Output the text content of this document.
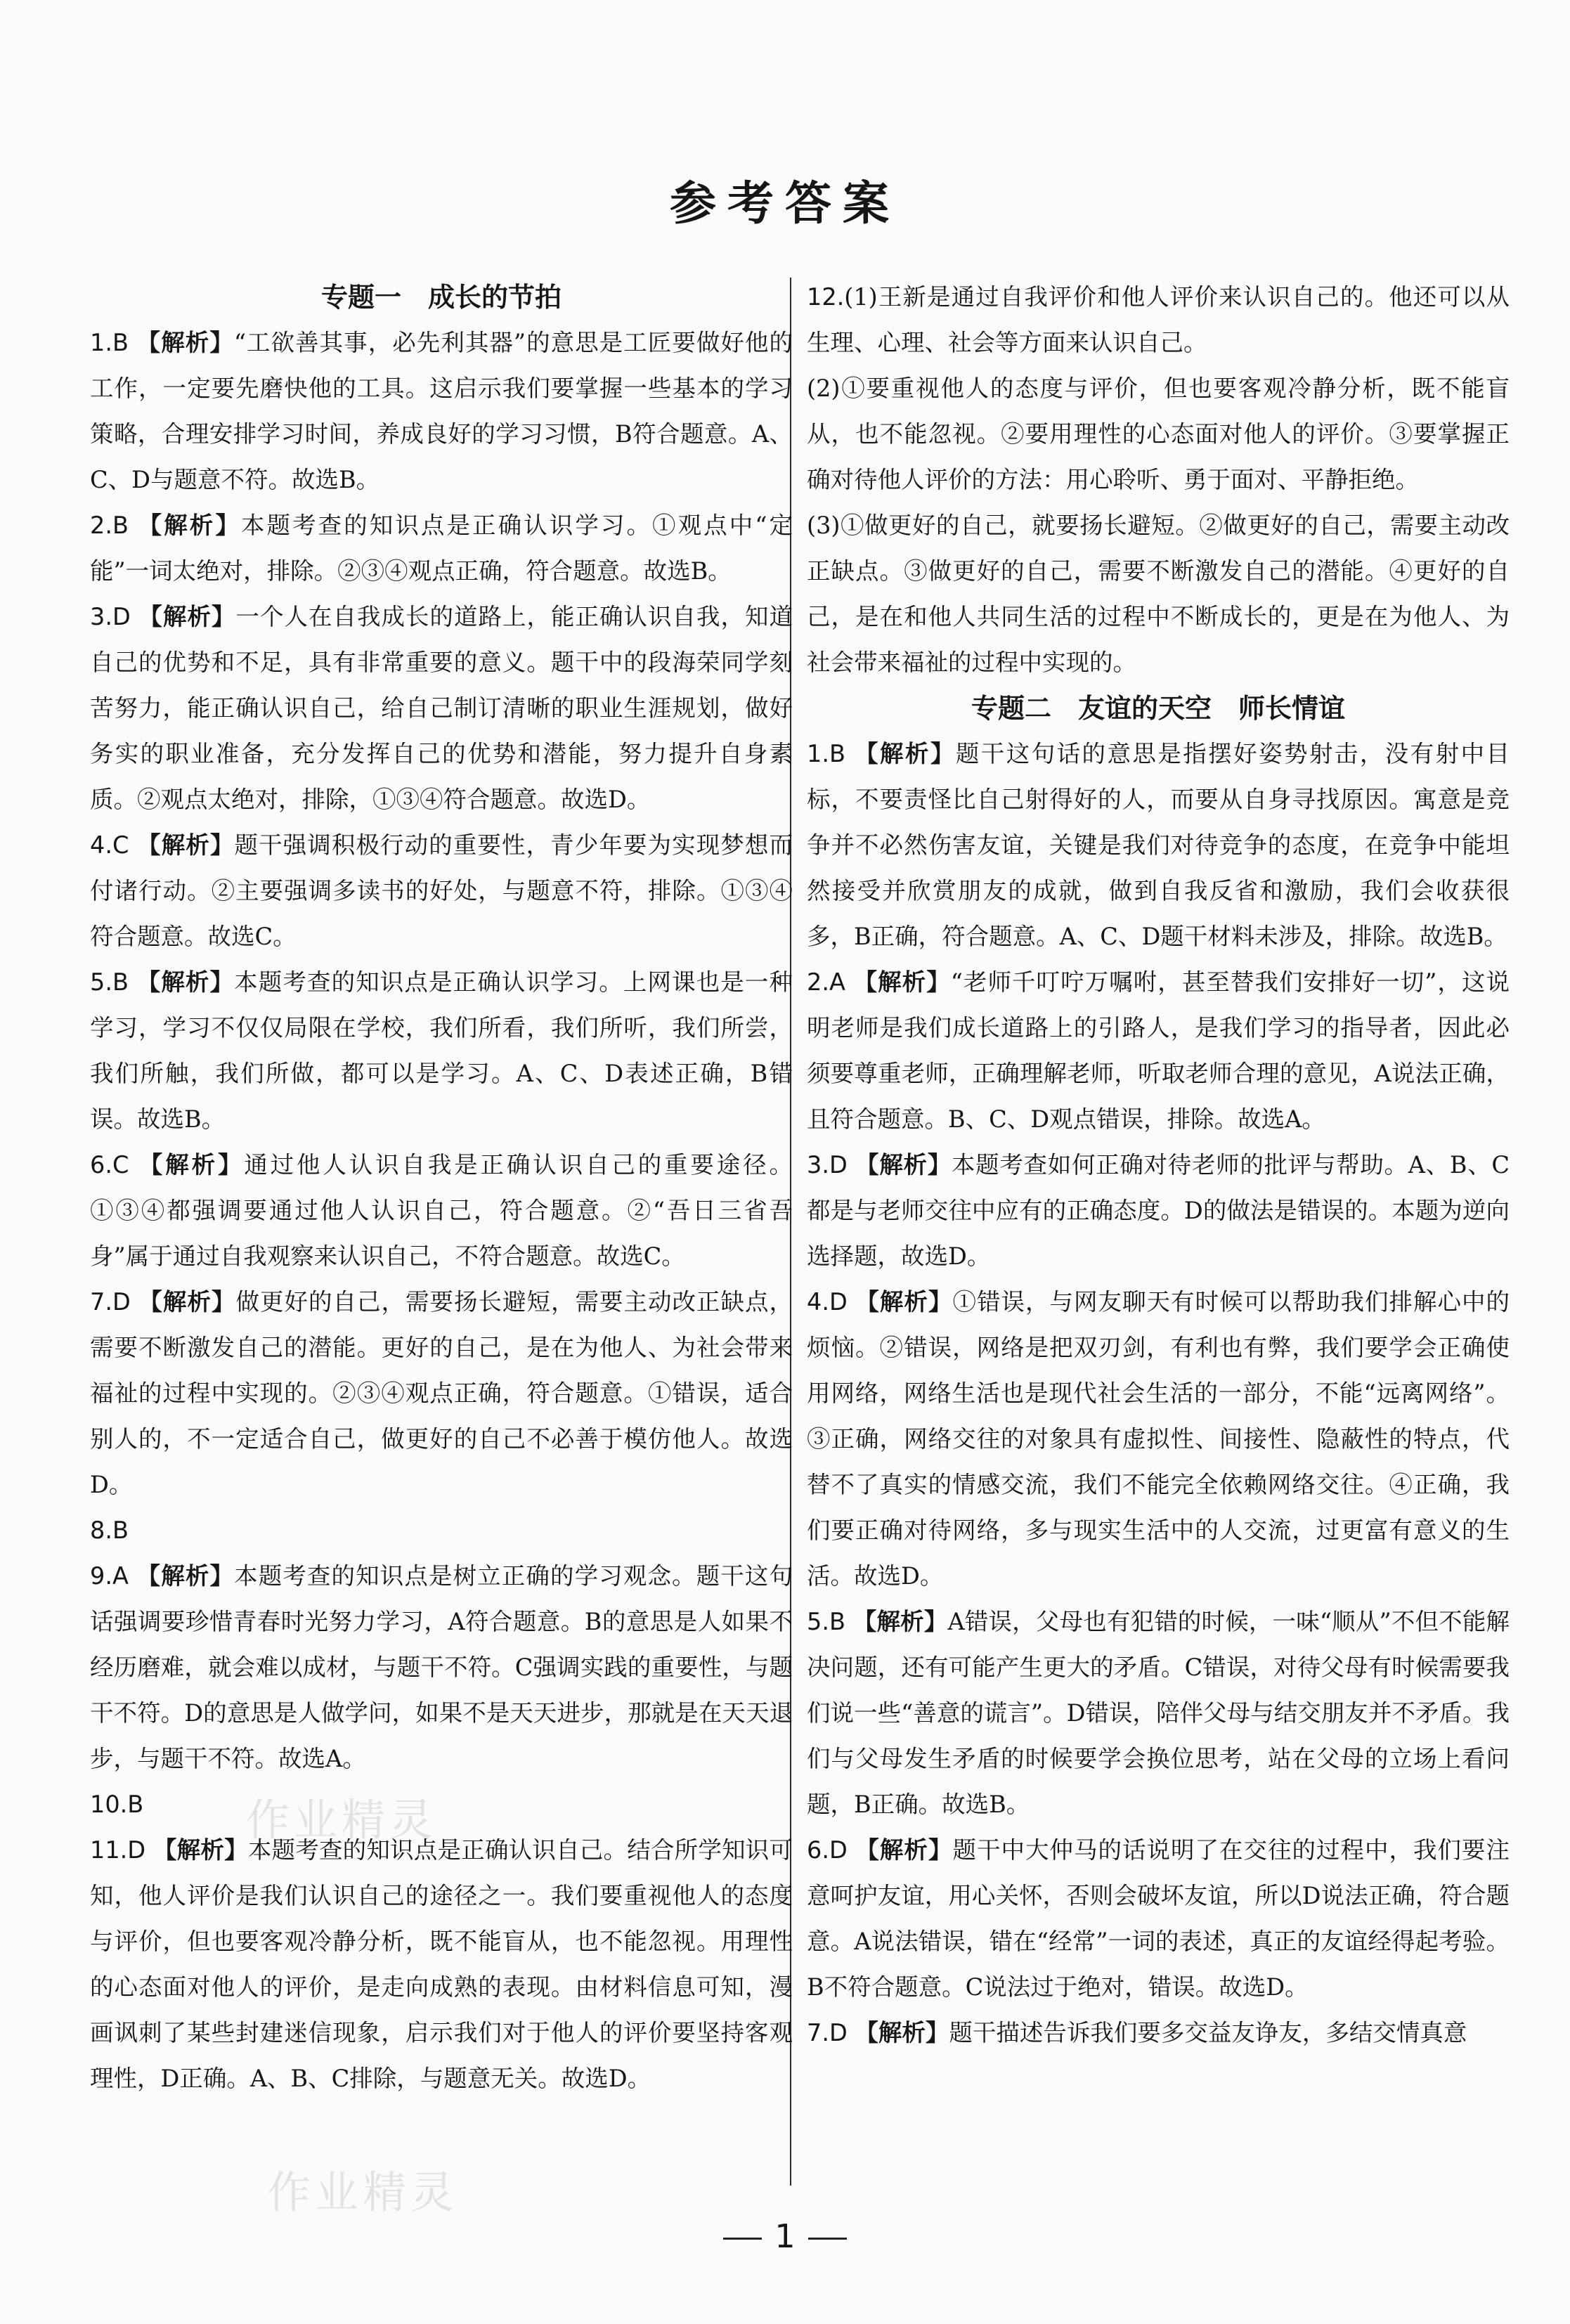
参考答案
专题一　成长的节拍

1.B 【解析】“工欲善其事，必先利其器”的意思是工匠要做好他的工作，一定要先磨快他的工具。这启示我们要掌握一些基本的学习策略，合理安排学习时间，养成良好的学习习惯，B符合题意。A、C、D与题意不符。故选B。

2.B 【解析】本题考查的知识点是正确认识学习。①观点中“定能”一词太绝对，排除。②③④观点正确，符合题意。故选B。

3.D 【解析】一个人在自我成长的道路上，能正确认识自我，知道自己的优势和不足，具有非常重要的意义。题干中的段海荣同学刻苦努力，能正确认识自己，给自己制订清晰的职业生涯规划，做好务实的职业准备，充分发挥自己的优势和潜能，努力提升自身素质。②观点太绝对，排除，①③④符合题意。故选D。

4.C 【解析】题干强调积极行动的重要性，青少年要为实现梦想而付诸行动。②主要强调多读书的好处，与题意不符，排除。①③④符合题意。故选C。

5.B 【解析】本题考查的知识点是正确认识学习。上网课也是一种学习，学习不仅仅局限在学校，我们所看，我们所听，我们所尝，我们所触，我们所做，都可以是学习。A、C、D表述正确，B错误。故选B。

6.C 【解析】通过他人认识自我是正确认识自己的重要途径。①③④都强调要通过他人认识自己，符合题意。②“吾日三省吾身”属于通过自我观察来认识自己，不符合题意。故选C。

7.D 【解析】做更好的自己，需要扬长避短，需要主动改正缺点，需要不断激发自己的潜能。更好的自己，是在为他人、为社会带来福祉的过程中实现的。②③④观点正确，符合题意。①错误，适合别人的，不一定适合自己，做更好的自己不必善于模仿他人。故选D。

8.B

9.A 【解析】本题考查的知识点是树立正确的学习观念。题干这句话强调要珍惜青春时光努力学习，A符合题意。B的意思是人如果不经历磨难，就会难以成材，与题干不符。C强调实践的重要性，与题干不符。D的意思是人做学问，如果不是天天进步，那就是在天天退步，与题干不符。故选A。

10.B

11.D 【解析】本题考查的知识点是正确认识自己。结合所学知识可知，他人评价是我们认识自己的途径之一。我们要重视他人的态度与评价，但也要客观冷静分析，既不能盲从，也不能忽视。用理性的心态面对他人的评价，是走向成熟的表现。由材料信息可知，漫画讽刺了某些封建迷信现象，启示我们对于他人的评价要坚持客观理性，D正确。A、B、C排除，与题意无关。故选D。

12.(1)王新是通过自我评价和他人评价来认识自己的。他还可以从生理、心理、社会等方面来认识自己。

(2)①要重视他人的态度与评价，但也要客观冷静分析，既不能盲从，也不能忽视。②要用理性的心态面对他人的评价。③要掌握正确对待他人评价的方法：用心聆听、勇于面对、平静拒绝。

(3)①做更好的自己，就要扬长避短。②做更好的自己，需要主动改正缺点。③做更好的自己，需要不断激发自己的潜能。④更好的自己，是在和他人共同生活的过程中不断成长的，更是在为他人、为社会带来福祉的过程中实现的。

专题二　友谊的天空　师长情谊

1.B 【解析】题干这句话的意思是指摆好姿势射击，没有射中目标，不要责怪比自己射得好的人，而要从自身寻找原因。寓意是竞争并不必然伤害友谊，关键是我们对待竞争的态度，在竞争中能坦然接受并欣赏朋友的成就，做到自我反省和激励，我们会收获很多，B正确，符合题意。A、C、D题干材料未涉及，排除。故选B。

2.A 【解析】“老师千叮咛万嘱咐，甚至替我们安排好一切”，这说明老师是我们成长道路上的引路人，是我们学习的指导者，因此必须要尊重老师，正确理解老师，听取老师合理的意见，A说法正确，且符合题意。B、C、D观点错误，排除。故选A。

3.D 【解析】本题考查如何正确对待老师的批评与帮助。A、B、C都是与老师交往中应有的正确态度。D的做法是错误的。本题为逆向选择题，故选D。

4.D 【解析】①错误，与网友聊天有时候可以帮助我们排解心中的烦恼。②错误，网络是把双刃剑，有利也有弊，我们要学会正确使用网络，网络生活也是现代社会生活的一部分，不能“远离网络”。③正确，网络交往的对象具有虚拟性、间接性、隐蔽性的特点，代替不了真实的情感交流，我们不能完全依赖网络交往。④正确，我们要正确对待网络，多与现实生活中的人交流，过更富有意义的生活。故选D。

5.B 【解析】A错误，父母也有犯错的时候，一味“顺从”不但不能解决问题，还有可能产生更大的矛盾。C错误，对待父母有时候需要我们说一些“善意的谎言”。D错误，陪伴父母与结交朋友并不矛盾。我们与父母发生矛盾的时候要学会换位思考，站在父母的立场上看问题，B正确。故选B。

6.D 【解析】题干中大仲马的话说明了在交往的过程中，我们要注意呵护友谊，用心关怀，否则会破坏友谊，所以D说法正确，符合题意。A说法错误，错在“经常”一词的表述，真正的友谊经得起考验。B不符合题意。C说法过于绝对，错误。故选D。

7.D 【解析】题干描述告诉我们要多交益友诤友，多结交情真意

作业精灵
作业精灵
1
